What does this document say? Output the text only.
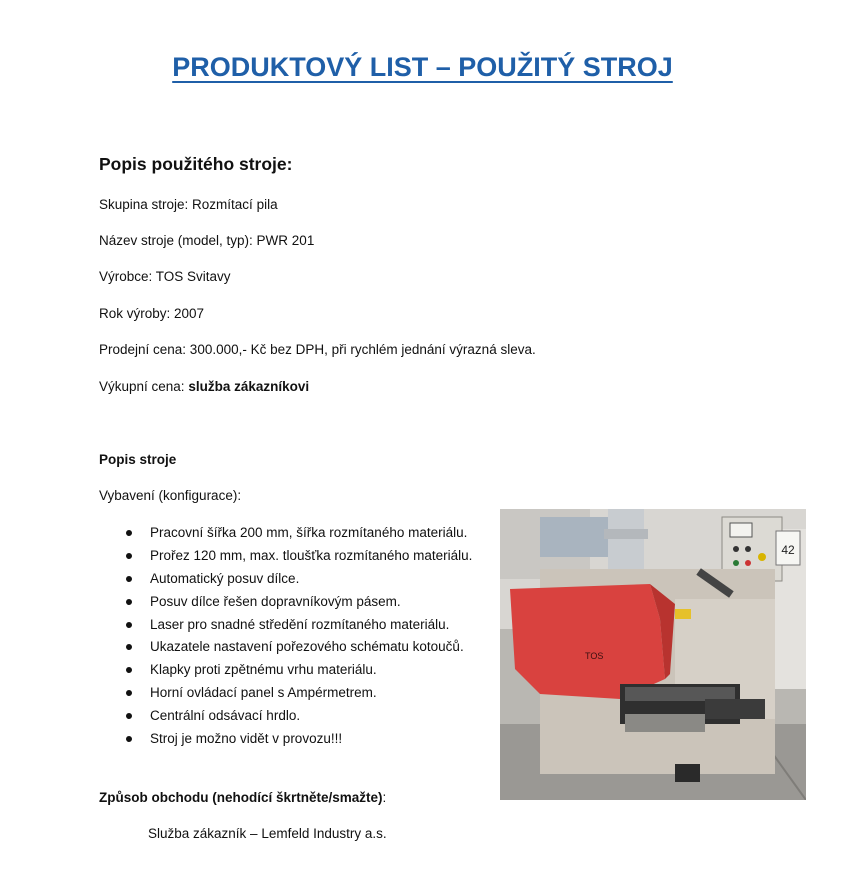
PRODUKTOVÝ LIST – POUŽITÝ STROJ
Popis použitého stroje:
Skupina stroje: Rozmítací pila
Název stroje (model, typ): PWR 201
Výrobce: TOS Svitavy
Rok výroby: 2007
Prodejní cena: 300.000,- Kč bez DPH, při rychlém jednání výrazná sleva.
Výkupní cena: služba zákazníkovi
Popis stroje
Vybavení (konfigurace):
Pracovní šířka 200 mm, šířka rozmítaného materiálu.
Prořez 120 mm, max. tloušťka rozmítaného materiálu.
Automatický posuv dílce.
Posuv dílce řešen dopravníkovým pásem.
Laser pro snadné středění rozmítaného materiálu.
Ukazatele nastavení pořezového schématu kotoučů.
Klapky proti zpětnému vrhu materiálu.
Horní ovládací panel s Ampérmetrem.
Centrální odsávací hrdlo.
Stroj je možno vidět v provozu!!!
42
TOS
Způsob obchodu (nehodící škrtněte/smažte):
Služba zákazník – Lemfeld Industry a.s.
